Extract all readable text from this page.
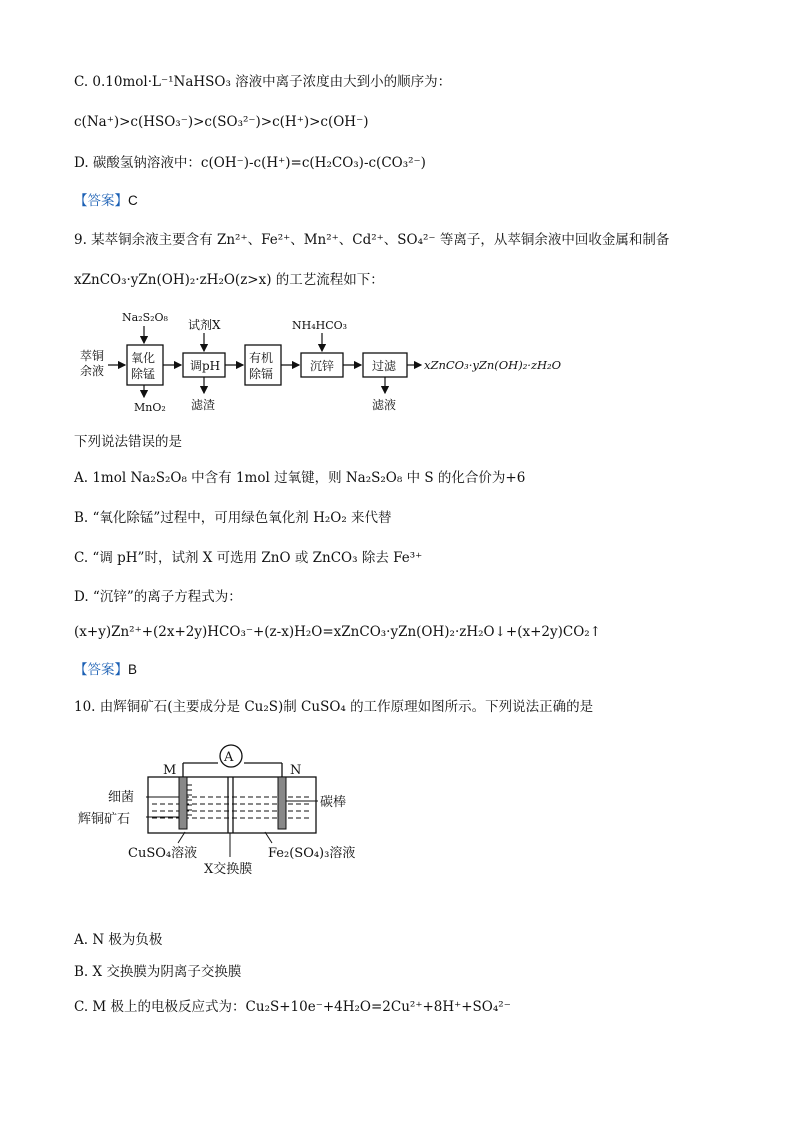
C. 0.10mol·L⁻¹NaHSO₃ 溶液中离子浓度由大到小的顺序为：
c(Na⁺)>c(HSO₃⁻)>c(SO₃²⁻)>c(H⁺)>c(OH⁻)
D. 碳酸氢钠溶液中：c(OH⁻)-c(H⁺)=c(H₂CO₃)-c(CO₃²⁻)
【答案】C
9. 某萃铜余液主要含有 Zn²⁺、Fe²⁺、Mn²⁺、Cd²⁺、SO₄²⁻ 等离子，从萃铜余液中回收金属和制备
xZnCO₃·yZn(OH)₂·zH₂O(z>x) 的工艺流程如下：
萃铜
余液
Na₂S₂O₈
氧化
除锰
MnO₂
试剂X
调pH
滤渣
有机
除镉
NH₄HCO₃
沉锌	过滤
滤液
xZnCO₃·yZn(OH)₂·zH₂O
下列说法错误的是
A. 1mol Na₂S₂O₈ 中含有 1mol 过氧键，则 Na₂S₂O₈ 中 S 的化合价为+6
B. “氧化除锰”过程中，可用绿色氧化剂 H₂O₂ 来代替
C. “调 pH”时，试剂 X 可选用 ZnO 或 ZnCO₃ 除去 Fe³⁺
D. “沉锌”的离子方程式为：
(x+y)Zn²⁺+(2x+2y)HCO₃⁻+(z-x)H₂O=xZnCO₃·yZn(OH)₂·zH₂O↓+(x+2y)CO₂↑
【答案】B
10. 由辉铜矿石(主要成分是 Cu₂S)制 CuSO₄ 的工作原理如图所示。下列说法正确的是
A
M	N
细菌
辉铜矿石
碳棒
CuSO₄溶液	Fe₂(SO₄)₃溶液
X交换膜
A. N 极为负极
B. X 交换膜为阴离子交换膜
C. M 极上的电极反应式为：Cu₂S+10e⁻+4H₂O=2Cu²⁺+8H⁺+SO₄²⁻
